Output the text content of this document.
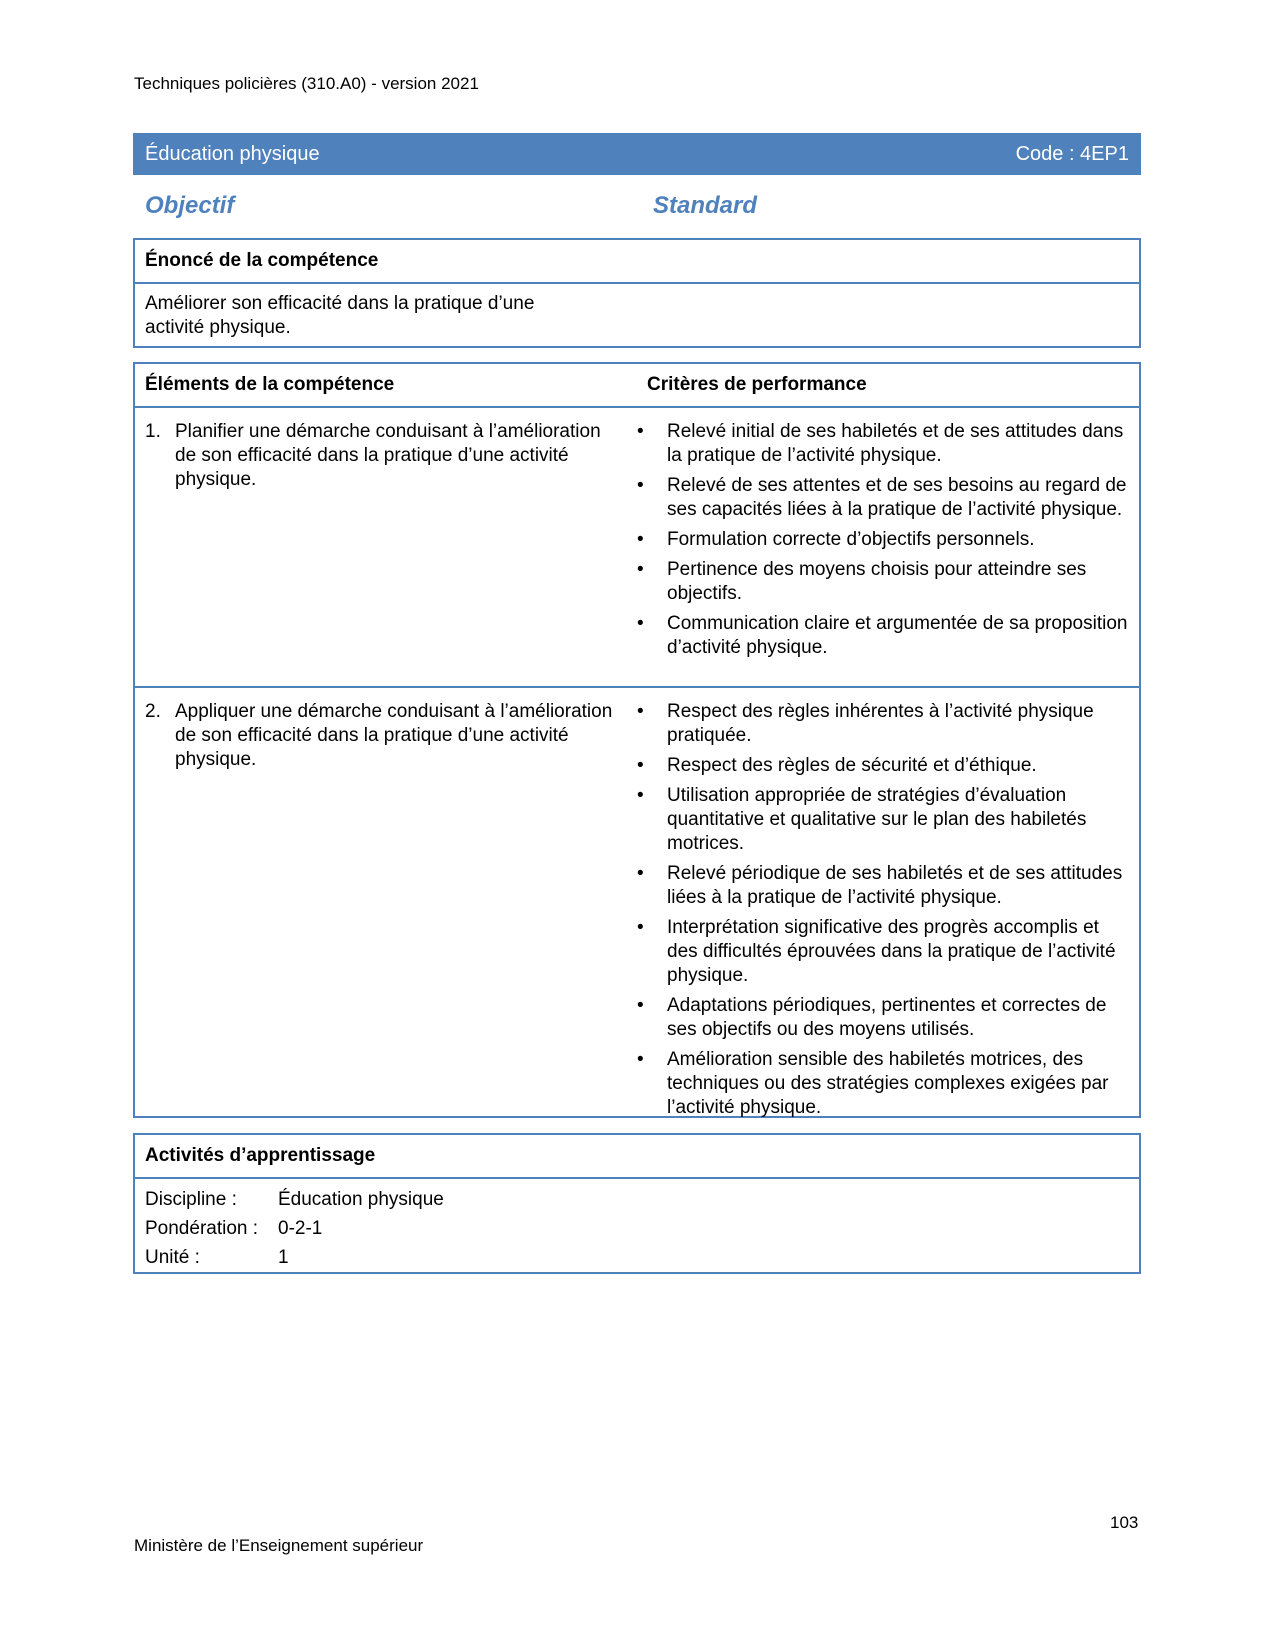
Techniques policières (310.A0) - version 2021
Éducation physique	Code : 4EP1
Objectif	Standard
Énoncé de la compétence
Améliorer son efficacité dans la pratique d’une activité physique.
Éléments de la compétence	Critères de performance
1. Planifier une démarche conduisant à l’amélioration de son efficacité dans la pratique d’une activité physique.
•	Relevé initial de ses habiletés et de ses attitudes dans la pratique de l’activité physique.
•	Relevé de ses attentes et de ses besoins au regard de ses capacités liées à la pratique de l’activité physique.
•	Formulation correcte d’objectifs personnels.
•	Pertinence des moyens choisis pour atteindre ses objectifs.
•	Communication claire et argumentée de sa proposition d’activité physique.
2. Appliquer une démarche conduisant à l’amélioration de son efficacité dans la pratique d’une activité physique.
•	Respect des règles inhérentes à l’activité physique pratiquée.
•	Respect des règles de sécurité et d’éthique.
•	Utilisation appropriée de stratégies d’évaluation quantitative et qualitative sur le plan des habiletés motrices.
•	Relevé périodique de ses habiletés et de ses attitudes liées à la pratique de l’activité physique.
•	Interprétation significative des progrès accomplis et des difficultés éprouvées dans la pratique de l’activité physique.
•	Adaptations périodiques, pertinentes et correctes de ses objectifs ou des moyens utilisés.
•	Amélioration sensible des habiletés motrices, des techniques ou des stratégies complexes exigées par l’activité physique.
Activités d’apprentissage
Discipline :	Éducation physique
Pondération :	0-2-1
Unité :	1
103
Ministère de l’Enseignement supérieur
